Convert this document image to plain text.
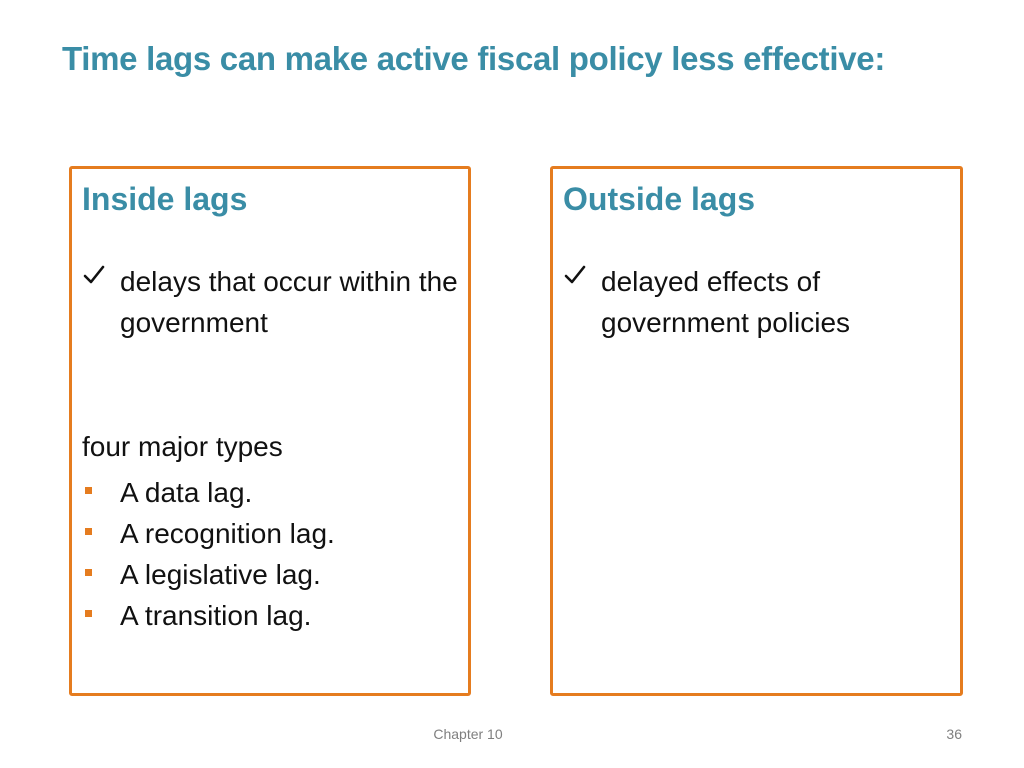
Time lags can make active fiscal policy less effective:
Inside lags
delays that occur within the government
four major types
A data lag.
A recognition lag.
A legislative lag.
A transition lag.
Outside lags
delayed effects of government policies
Chapter 10	36
